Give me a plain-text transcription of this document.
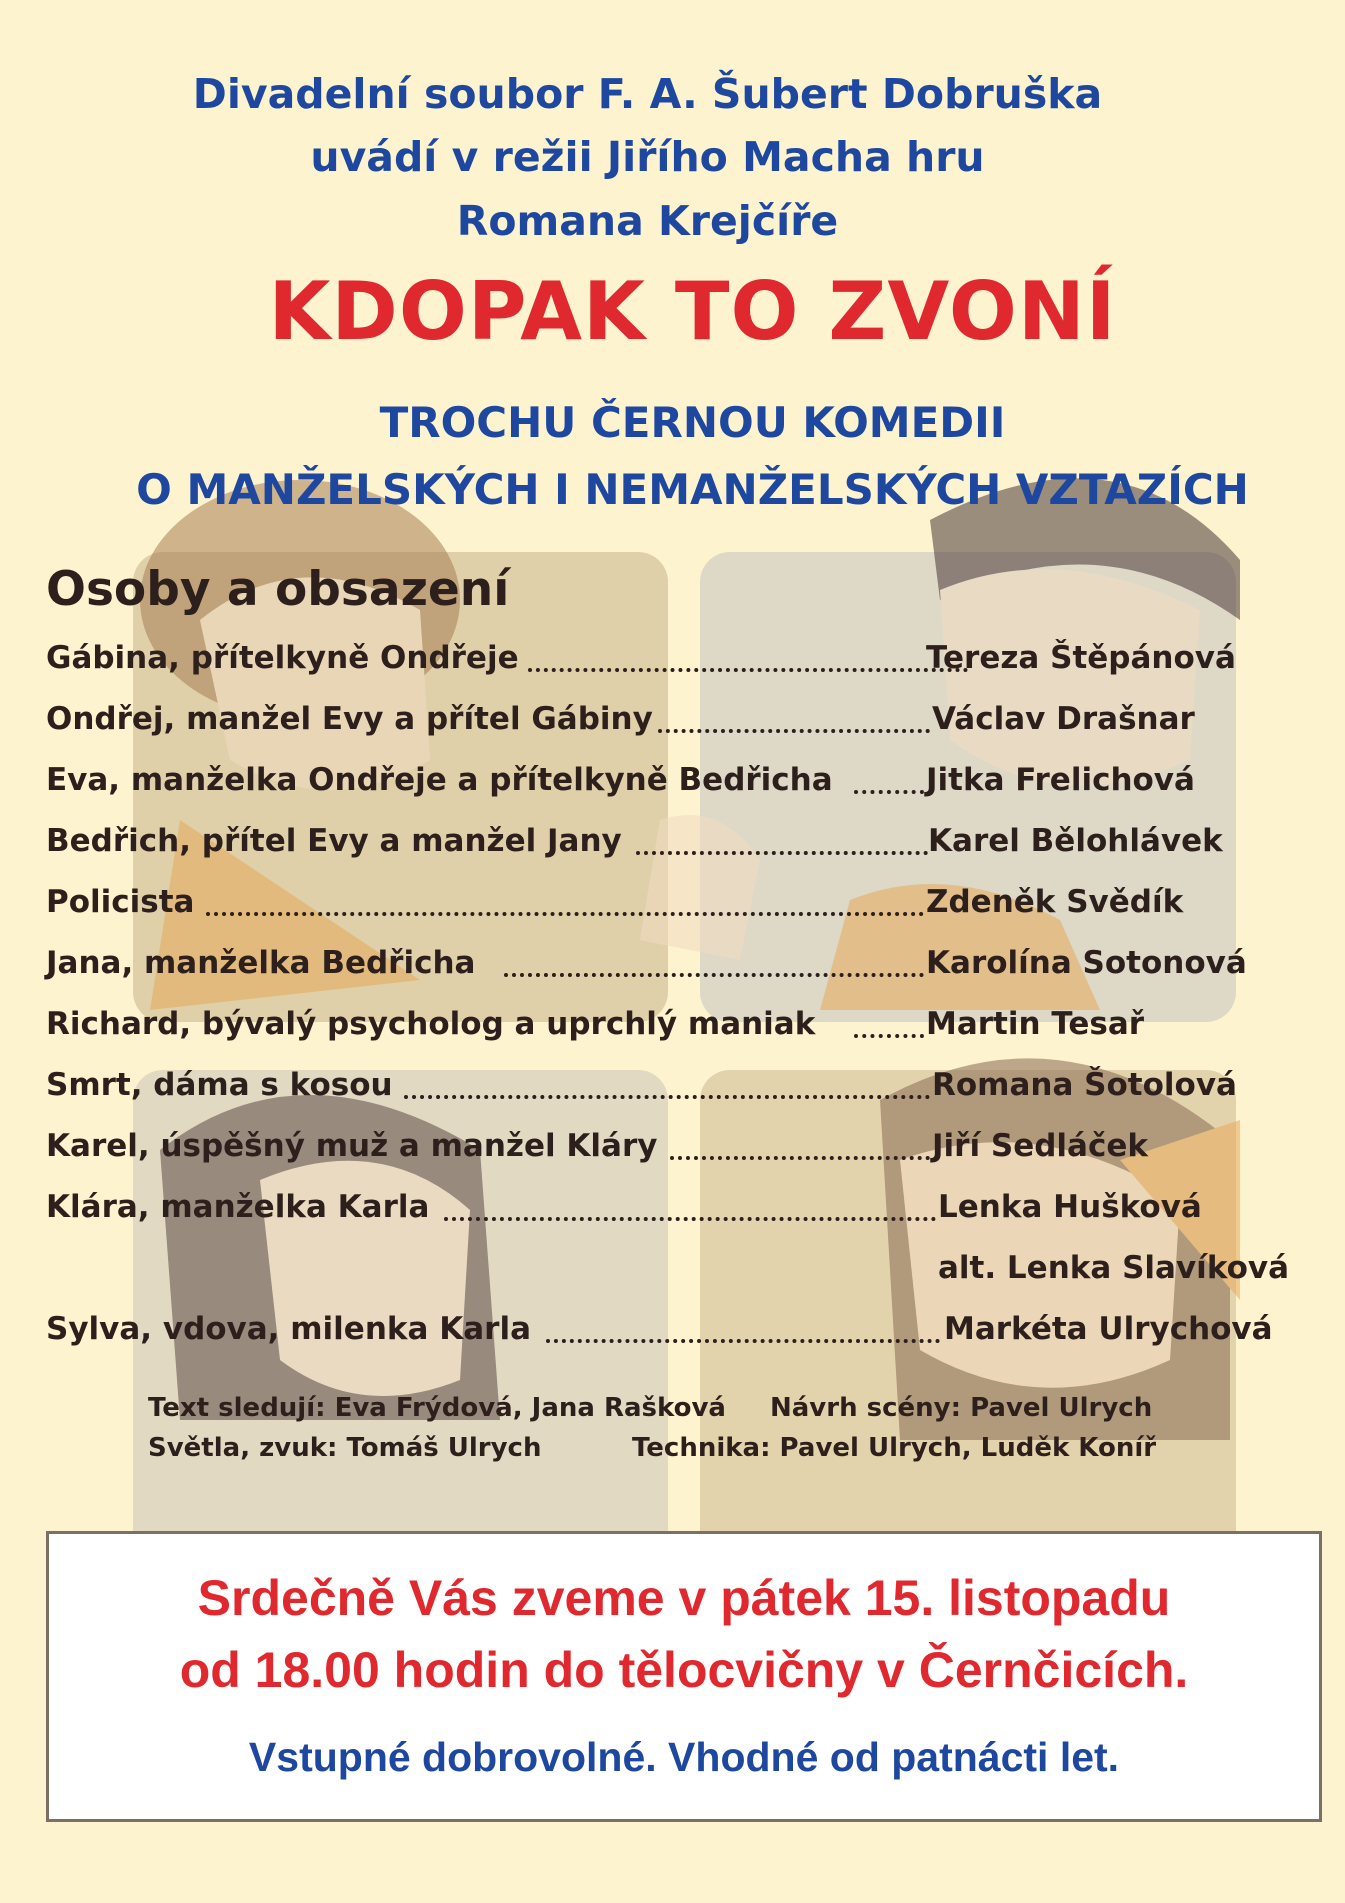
Divadelní soubor F. A. Šubert Dobruška
uvádí v režii Jiřího Macha hru
Romana Krejčíře
KDOPAK TO ZVONÍ
TROCHU ČERNOU KOMEDII
O MANŽELSKÝCH I NEMANŽELSKÝCH VZTAZÍCH
Osoby a obsazení
Gábina, přítelkyně Ondřeje	Tereza Štěpánová
Ondřej, manžel Evy a přítel Gábiny	Václav Drašnar
Eva, manželka Ondřeje a přítelkyně Bedřicha	Jitka Frelichová
Bedřich, přítel Evy a manžel Jany	Karel Bělohlávek
Policista	Zdeněk Svědík
Jana, manželka Bedřicha	Karolína Sotonová
Richard, bývalý psycholog a uprchlý maniak	Martin Tesař
Smrt, dáma s kosou	Romana Šotolová
Karel, úspěšný muž a manžel Kláry	Jiří Sedláček
Klára, manželka Karla	Lenka Hušková
alt. Lenka Slavíková
Sylva, vdova, milenka Karla	Markéta Ulrychová
Text sledují: Eva Frýdová, Jana Rašková Návrh scény: Pavel Ulrych
Světla, zvuk: Tomáš Ulrych	Technika: Pavel Ulrych, Luděk Koníř
Srdečně Vás zveme v pátek 15. listopadu
od 18.00 hodin do tělocvičny v Černčicích.
Vstupné dobrovolné. Vhodné od patnácti let.
